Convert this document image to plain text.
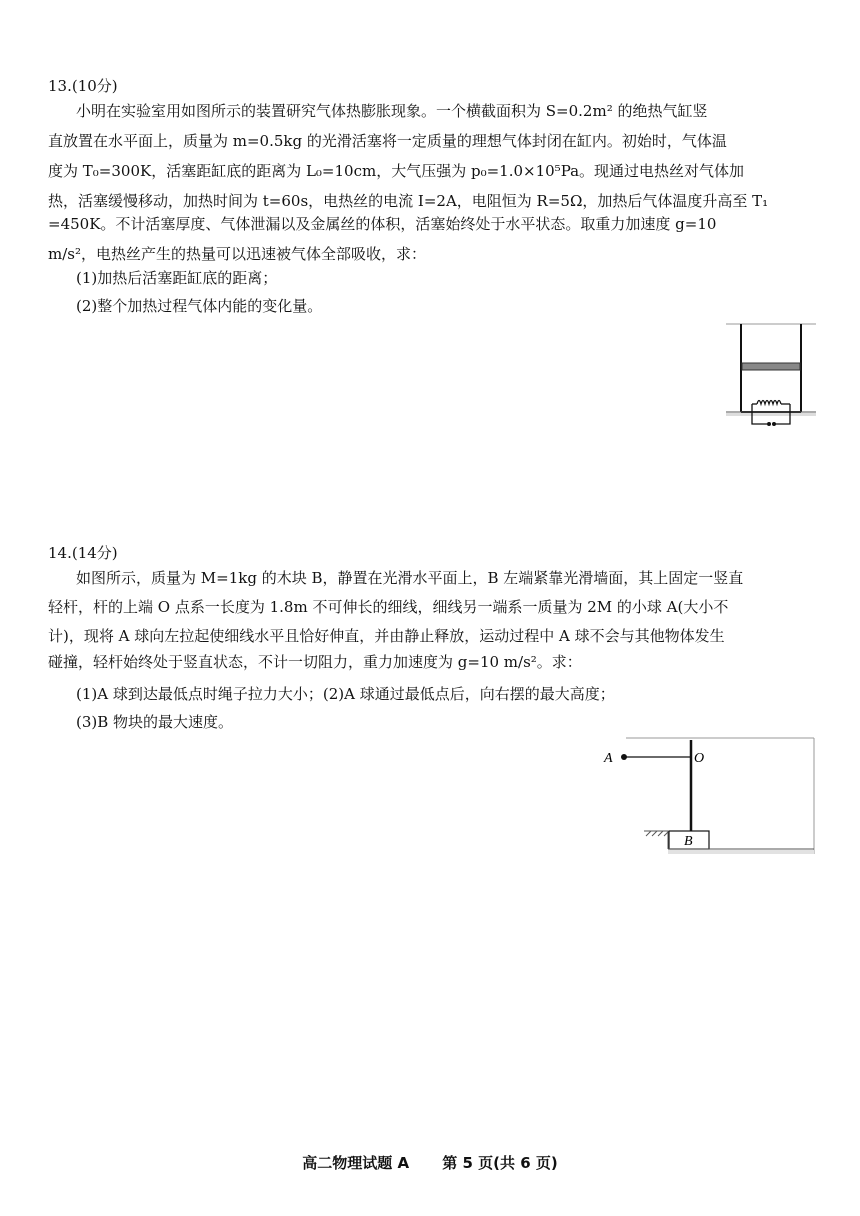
13.(10分)
小明在实验室用如图所示的装置研究气体热膨胀现象。一个横截面积为 S=0.2m² 的绝热气缸竖
直放置在水平面上，质量为 m=0.5kg 的光滑活塞将一定质量的理想气体封闭在缸内。初始时，气体温
度为 T₀=300K，活塞距缸底的距离为 L₀=10cm，大气压强为 p₀=1.0×10⁵Pa。现通过电热丝对气体加
热，活塞缓慢移动，加热时间为 t=60s，电热丝的电流 I=2A，电阻恒为 R=5Ω，加热后气体温度升高至 T₁
=450K。不计活塞厚度、气体泄漏以及金属丝的体积，活塞始终处于水平状态。取重力加速度 g=10
m/s²，电热丝产生的热量可以迅速被气体全部吸收，求：
(1)加热后活塞距缸底的距离；
(2)整个加热过程气体内能的变化量。
14.(14分)
如图所示，质量为 M=1kg 的木块 B，静置在光滑水平面上，B 左端紧靠光滑墙面，其上固定一竖直
轻杆，杆的上端 O 点系一长度为 1.8m 不可伸长的细线，细线另一端系一质量为 2M 的小球 A(大小不
计)，现将 A 球向左拉起使细线水平且恰好伸直，并由静止释放，运动过程中 A 球不会与其他物体发生
碰撞，轻杆始终处于竖直状态，不计一切阻力，重力加速度为 g=10 m/s²。求：
(1)A 球到达最低点时绳子拉力大小；(2)A 球通过最低点后，向右摆的最大高度；
(3)B 物块的最大速度。
A	O
B
高二物理试题 A 第 5 页(共 6 页)
